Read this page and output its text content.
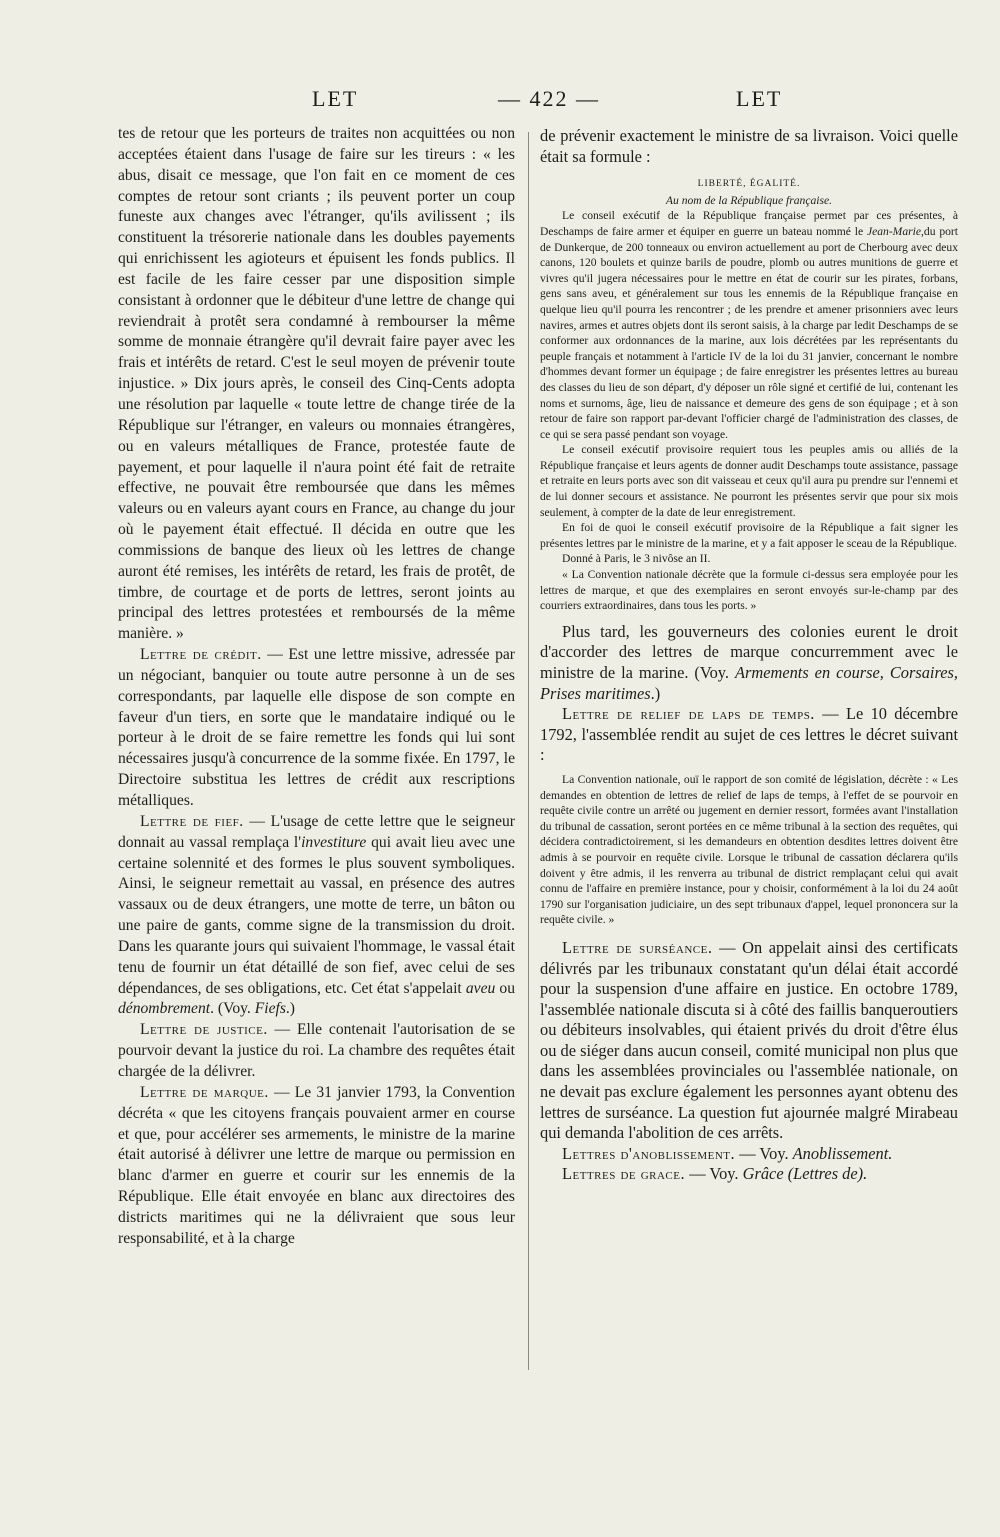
LET	— 422 —	LET

tes de retour que les porteurs de traites non acquittées ou non acceptées étaient dans l'usage de faire sur les tireurs : « les abus, disait ce message, que l'on fait en ce moment de ces comptes de retour sont criants ; ils peuvent porter un coup funeste aux changes avec l'étranger, qu'ils avilissent ; ils constituent la trésorerie nationale dans les doubles payements qui enrichissent les agioteurs et épuisent les fonds publics. Il est facile de les faire cesser par une disposition simple consistant à ordonner que le débiteur d'une lettre de change qui reviendrait à protêt sera condamné à rembourser la même somme de monnaie étrangère qu'il devrait faire payer avec les frais et intérêts de retard. C'est le seul moyen de prévenir toute injustice. » Dix jours après, le conseil des Cinq-Cents adopta une résolution par laquelle « toute lettre de change tirée de la République sur l'étranger, en valeurs ou monnaies étrangères, ou en valeurs métalliques de France, protestée faute de payement, et pour laquelle il n'aura point été fait de retraite effective, ne pouvait être remboursée que dans les mêmes valeurs ou en valeurs ayant cours en France, au change du jour où le payement était effectué. Il décida en outre que les commissions de banque des lieux où les lettres de change auront été remises, les intérêts de retard, les frais de protêt, de timbre, de courtage et de ports de lettres, seront joints au principal des lettres protestées et remboursés de la même manière. »

Lettre de crédit. — Est une lettre missive, adressée par un négociant, banquier ou toute autre personne à un de ses correspondants, par laquelle elle dispose de son compte en faveur d'un tiers, en sorte que le mandataire indiqué ou le porteur à le droit de se faire remettre les fonds qui lui sont nécessaires jusqu'à concurrence de la somme fixée. En 1797, le Directoire substitua les lettres de crédit aux rescriptions métalliques.

Lettre de fief. — L'usage de cette lettre que le seigneur donnait au vassal remplaça l'investiture qui avait lieu avec une certaine solennité et des formes le plus souvent symboliques. Ainsi, le seigneur remettait au vassal, en présence des autres vassaux ou de deux étrangers, une motte de terre, un bâton ou une paire de gants, comme signe de la transmission du droit. Dans les quarante jours qui suivaient l'hommage, le vassal était tenu de fournir un état détaillé de son fief, avec celui de ses dépendances, de ses obligations, etc. Cet état s'appelait aveu ou dénombrement. (Voy. Fiefs.)

Lettre de justice. — Elle contenait l'autorisation de se pourvoir devant la justice du roi. La chambre des requêtes était chargée de la délivrer.

Lettre de marque. — Le 31 janvier 1793, la Convention décréta « que les citoyens français pouvaient armer en course et que, pour accélérer ses armements, le ministre de la marine était autorisé à délivrer une lettre de marque ou permission en blanc d'armer en guerre et courir sur les ennemis de la République. Elle était envoyée en blanc aux directoires des districts maritimes qui ne la délivraient que sous leur responsabilité, et à la charge

de prévenir exactement le ministre de sa livraison. Voici quelle était sa formule :

LIBERTÉ, ÉGALITÉ.

Au nom de la République française.

Le conseil exécutif de la République française permet par ces présentes, à Deschamps de faire armer et équiper en guerre un bateau nommé le Jean-Marie,du port de Dunkerque, de 200 tonneaux ou environ actuellement au port de Cherbourg avec deux canons, 120 boulets et quinze barils de poudre, plomb ou autres munitions de guerre et vivres qu'il jugera nécessaires pour le mettre en état de courir sur les pirates, forbans, gens sans aveu, et généralement sur tous les ennemis de la République française en quelque lieu qu'il pourra les rencontrer ; de les prendre et amener prisonniers avec leurs navires, armes et autres objets dont ils seront saisis, à la charge par ledit Deschamps de se conformer aux ordonnances de la marine, aux lois décrétées par les représentants du peuple français et notamment à l'article IV de la loi du 31 janvier, concernant le nombre d'hommes devant former un équipage ; de faire enregistrer les présentes lettres au bureau des classes du lieu de son départ, d'y déposer un rôle signé et certifié de lui, contenant les noms et surnoms, âge, lieu de naissance et demeure des gens de son équipage ; et à son retour de faire son rapport par-devant l'officier chargé de l'administration des classes, de ce qui se sera passé pendant son voyage.

Le conseil exécutif provisoire requiert tous les peuples amis ou alliés de la République française et leurs agents de donner audit Deschamps toute assistance, passage et retraite en leurs ports avec son dit vaisseau et ceux qu'il aura pu prendre sur l'ennemi et de lui donner secours et assistance. Ne pourront les présentes servir que pour six mois seulement, à compter de la date de leur enregistrement.

En foi de quoi le conseil exécutif provisoire de la République a fait signer les présentes lettres par le ministre de la marine, et y a fait apposer le sceau de la République.

Donné à Paris, le 3 nivôse an II.

« La Convention nationale décrète que la formule ci-dessus sera employée pour les lettres de marque, et que des exemplaires en seront envoyés sur-le-champ par des courriers extraordinaires, dans tous les ports. »

Plus tard, les gouverneurs des colonies eurent le droit d'accorder des lettres de marque concurremment avec le ministre de la marine. (Voy. Armements en course, Corsaires, Prises maritimes.)

Lettre de relief de laps de temps. — Le 10 décembre 1792, l'assemblée rendit au sujet de ces lettres le décret suivant :

La Convention nationale, ouï le rapport de son comité de législation, décrète : « Les demandes en obtention de lettres de relief de laps de temps, à l'effet de se pourvoir en requête civile contre un arrêté ou jugement en dernier ressort, formées avant l'installation du tribunal de cassation, seront portées en ce même tribunal à la section des requêtes, qui décidera contradictoirement, si les demandeurs en obtention desdites lettres doivent être admis à se pourvoir en requête civile. Lorsque le tribunal de cassation déclarera qu'ils doivent y être admis, il les renverra au tribunal de district remplaçant celui qui avait connu de l'affaire en première instance, pour y choisir, conformément à la loi du 24 août 1790 sur l'organisation judiciaire, un des sept tribunaux d'appel, lequel prononcera sur la requête civile. »

Lettre de surséance. — On appelait ainsi des certificats délivrés par les tribunaux constatant qu'un délai était accordé pour la suspension d'une affaire en justice. En octobre 1789, l'assemblée nationale discuta si à côté des faillis banqueroutiers ou débiteurs insolvables, qui étaient privés du droit d'être élus ou de siéger dans aucun conseil, comité municipal non plus que dans les assemblées provinciales ou l'assemblée nationale, on ne devait pas exclure également les personnes ayant obtenu des lettres de surséance. La question fut ajournée malgré Mirabeau qui demanda l'abolition de ces arrêts.

Lettres d'anoblissement. — Voy. Anoblissement.

Lettres de grace. — Voy. Grâce (Lettres de).
